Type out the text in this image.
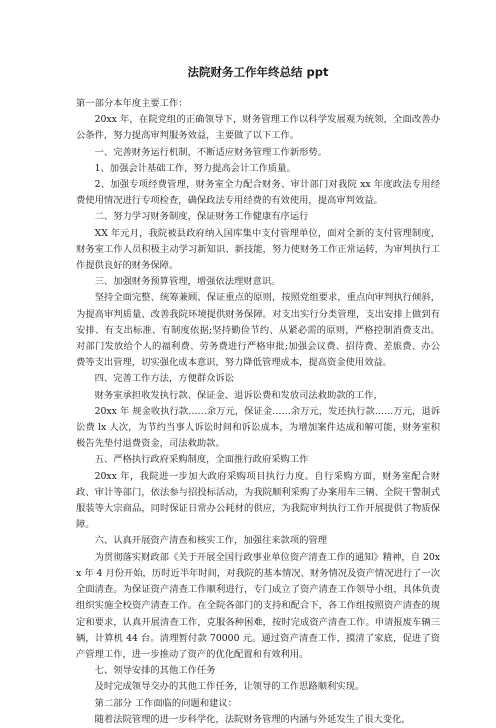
法院财务工作年终总结 ppt

第一部分本年度主要工作：

20xx 年，在院党组的正确领导下，财务管理工作以科学发展观为统领，全面改善办公条件，努力提高审判服务效益，主要做了以下工作。

一、完善财务运行机制，不断适应财务管理工作新形势。

1、加强会计基础工作，努力提高会计工作质量。

2、加强专项经费管理，财务室全力配合财务、审计部门对我院 xx 年度政法专用经费使用情况进行专项检查，确保政法专用经费的有效使用，提高审判效益。

二、努力学习财务制度，保证财务工作健康有序运行

XX 年元月，我院被县政府纳入国库集中支付管理单位，面对全新的支付管理制度，财务室工作人员积极主动学习新知识、新技能，努力使财务工作正常运转，为审判执行工作提供良好的财务保障。

三、加强财务预算管理，增强依法理财意识。

坚持全面完整、统筹兼顾、保证重点的原则，按照党组要求，重点向审判执行倾斜，为提高审判质量、改善我院环境提供财务保障。对支出实行分类管理，支出安排上做到有安排、有支出标准、有制度依据;坚持勤俭节约、从紧必需的原则，严格控制消费支出。对部门发放给个人的福利费、劳务费进行严格审批;加强会议费、招待费、差旅费、办公费等支出管理，切实强化成本意识，努力降低管理成本，提高资金使用效益。

四、完善工作方法，方便群众诉讼

财务室承担收发执行款、保证金、退诉讼费和发放司法救助款的工作，

20xx 年 规金收执行款……余万元，保证金……余万元，发还执行款……万元，退诉讼费 lx 人次，为节约当事人诉讼时间和诉讼成本，为增加案件达成和解可能，财务室积极告先垫付退费资金，司法救助款。

五、严格执行政府采购制度，全面推行政府采购工作

20xx 年，我院进一步加大政府采购项目执行力度。自行采购方面，财务室配合财政、审计等部门，依法参与招投标活动，为我院顺利采购了办案用车三辆、全院干警制式服装等大宗商品，同时保证日常办公耗材的供应，为我院审判执行工作开展提供了物质保障。

六、认真开展资产清查和核实工作，加强往来款项的管理

为贯彻落实财政部《关于开展全国行政事业单位资产清查工作的通知》精神，自 20xx 年 4 月份开始，历时近半年时间，对我院的基本情况、财务情况及资产情况进行了一次全面清查。为保证资产清查工作顺利进行，专门成立了资产清查工作领导小组，具体负责组织实施全校资产清查工作。在全院各部门的支持和配合下，各工作组按照资产清查的规定和要求，认真开展清查工作，克服各种困难，按时完成资产清查工作。申请报废车辆三辆，计算机 44 台。清理暂付款 70000 元。通过资产清查工作，摸清了家底，促进了资产管理工作，进一步推动了资产的优化配置和有效利用。

七、领导安排的其他工作任务

及时完成领导交办的其他工作任务，让领导的工作思路顺利实现。

第二部分 工作面临的问题和建议：

随着法院管理的进一步科学化，法院财务管理的内涵与外延发生了很大变化，
